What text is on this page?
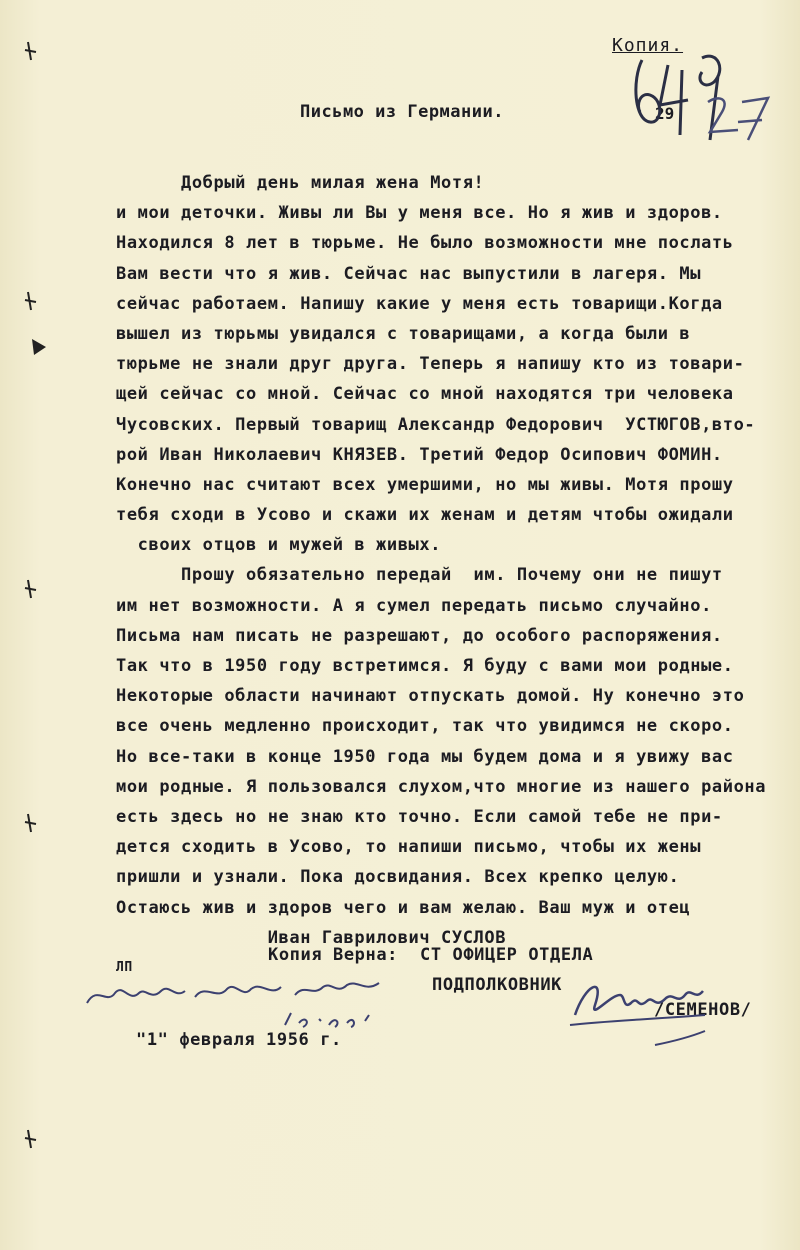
Копия.
Письмо из Германии.	29
Добрый день милая жена Мотя!
и мои деточки. Живы ли Вы у меня все. Но я жив и здоров.
Находился 8 лет в тюрьме. Не было возможности мне послать
Вам вести что я жив. Сейчас нас выпустили в лагеря. Мы
сейчас работаем. Напишу какие у меня есть товарищи.Когда
вышел из тюрьмы увидался с товарищами, а когда были в
тюрьме не знали друг друга. Теперь я напишу кто из товари-
щей сейчас со мной. Сейчас со мной находятся три человека
Чусовских. Первый товарищ Александр Федорович  УСТЮГОВ,вто-
рой Иван Николаевич КНЯЗЕВ. Третий Федор Осипович ФОМИН.
Конечно нас считают всех умершими, но мы живы. Мотя прошу
тебя сходи в Усово и скажи их женам и детям чтобы ожидали
своих отцов и мужей в живых.
Прошу обязательно передай  им. Почему они не пишут
им нет возможности. А я сумел передать письмо случайно.
Письма нам писать не разрешают, до особого распоряжения.
Так что в 1950 году встретимся. Я буду с вами мои родные.
Некоторые области начинают отпускать домой. Ну конечно это
все очень медленно происходит, так что увидимся не скоро.
Но все-таки в конце 1950 года мы будем дома и я увижу вас
мои родные. Я пользовался слухом,что многие из нашего района
есть здесь но не знаю кто точно. Если самой тебе не при-
дется сходить в Усово, то напиши письмо, чтобы их жены
пришли и узнали. Пока досвидания. Всех крепко целую.
Остаюсь жив и здоров чего и вам желаю. Ваш муж и отец
Иван Гаврилович СУСЛОВ
Копия Верна: СТ ОФИЦЕР ОТДЕЛА
ПОДПОЛКОВНИК
/СЕМЕНОВ/
ЛП
"1" февраля 1956 г.
